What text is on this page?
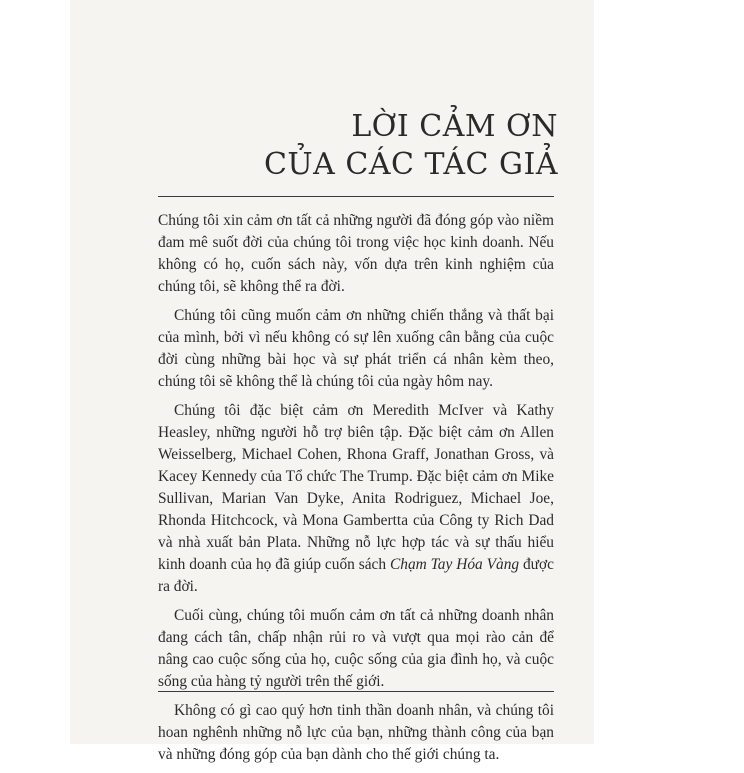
LỜI CẢM ƠN
CỦA CÁC TÁC GIẢ

Chúng tôi xin cảm ơn tất cả những người đã đóng góp vào niềm đam mê suốt đời của chúng tôi trong việc học kinh doanh. Nếu không có họ, cuốn sách này, vốn dựa trên kinh nghiệm của chúng tôi, sẽ không thể ra đời.

Chúng tôi cũng muốn cảm ơn những chiến thắng và thất bại của mình, bởi vì nếu không có sự lên xuống cân bằng của cuộc đời cùng những bài học và sự phát triển cá nhân kèm theo, chúng tôi sẽ không thể là chúng tôi của ngày hôm nay.

Chúng tôi đặc biệt cảm ơn Meredith McIver và Kathy Heasley, những người hỗ trợ biên tập. Đặc biệt cảm ơn Allen Weisselberg, Michael Cohen, Rhona Graff, Jonathan Gross, và Kacey Kennedy của Tổ chức The Trump. Đặc biệt cảm ơn Mike Sullivan, Marian Van Dyke, Anita Rodriguez, Michael Joe, Rhonda Hitchcock, và Mona Gambertta của Công ty Rich Dad và nhà xuất bản Plata. Những nỗ lực hợp tác và sự thấu hiểu kinh doanh của họ đã giúp cuốn sách Chạm Tay Hóa Vàng được ra đời.

Cuối cùng, chúng tôi muốn cảm ơn tất cả những doanh nhân đang cách tân, chấp nhận rủi ro và vượt qua mọi rào cản để nâng cao cuộc sống của họ, cuộc sống của gia đình họ, và cuộc sống của hàng tỷ người trên thế giới.

Không có gì cao quý hơn tinh thần doanh nhân, và chúng tôi hoan nghênh những nỗ lực của bạn, những thành công của bạn và những đóng góp của bạn dành cho thế giới chúng ta.
